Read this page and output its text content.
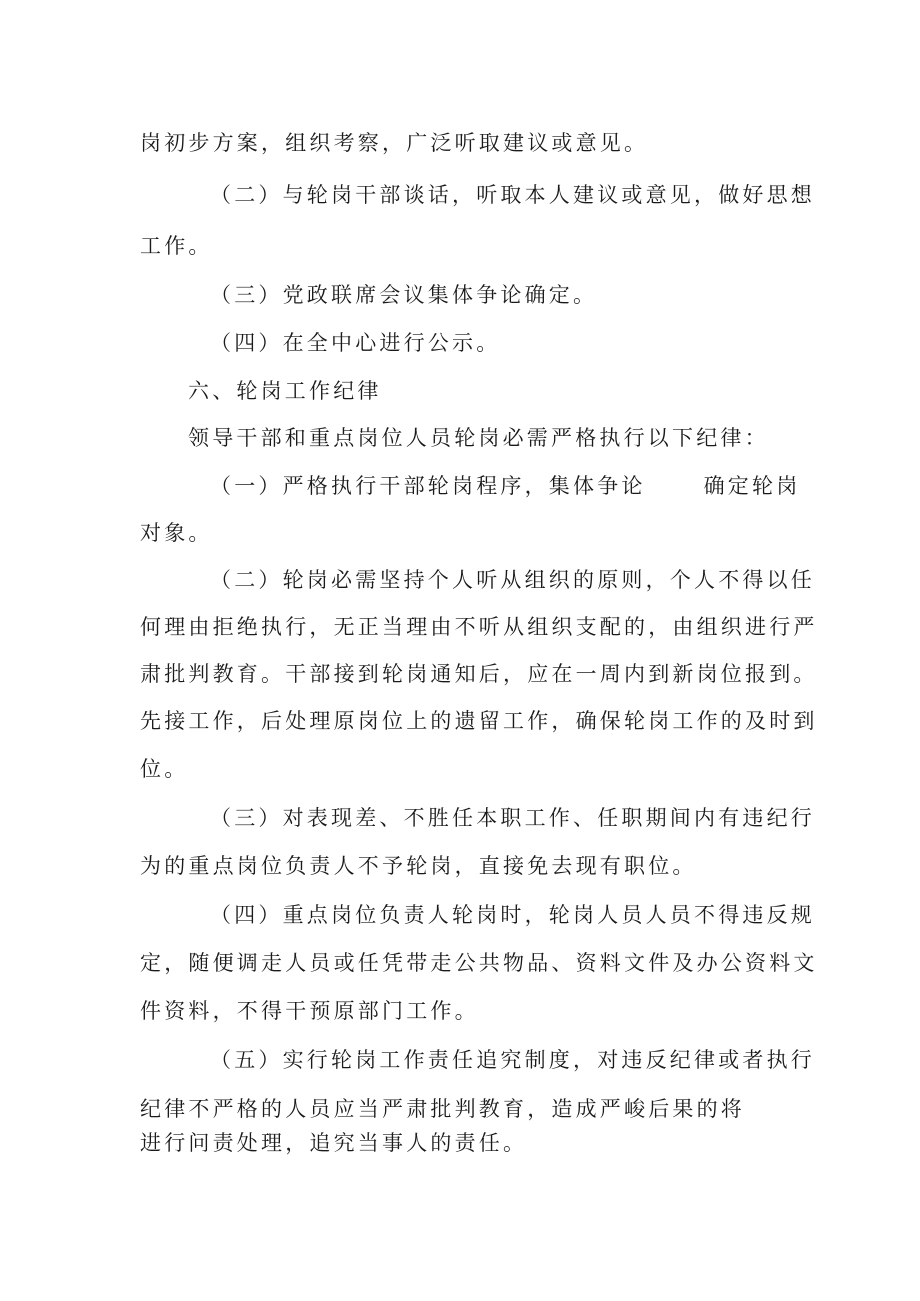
岗初步方案，组织考察，广泛听取建议或意见。
（二）与轮岗干部谈话，听取本人建议或意见，做好思想
工作。
（三）党政联席会议集体争论确定。
（四）在全中心进行公示。
六、轮岗工作纪律
领导干部和重点岗位人员轮岗必需严格执行以下纪律：
（一）严格执行干部轮岗程序，集体争论	确定轮岗
对象。
（二）轮岗必需坚持个人听从组织的原则，个人不得以任
何理由拒绝执行，无正当理由不听从组织支配的，由组织进行严
肃批判教育。干部接到轮岗通知后，应在一周内到新岗位报到。
先接工作，后处理原岗位上的遗留工作，确保轮岗工作的及时到
位。
（三）对表现差、不胜任本职工作、任职期间内有违纪行
为的重点岗位负责人不予轮岗，直接免去现有职位。
（四）重点岗位负责人轮岗时，轮岗人员人员不得违反规
定，随便调走人员或任凭带走公共物品、资料文件及办公资料文
件资料，不得干预原部门工作。
（五）实行轮岗工作责任追究制度，对违反纪律或者执行
纪律不严格的人员应当严肃批判教育，造成严峻后果的将
进行问责处理，追究当事人的责任。
